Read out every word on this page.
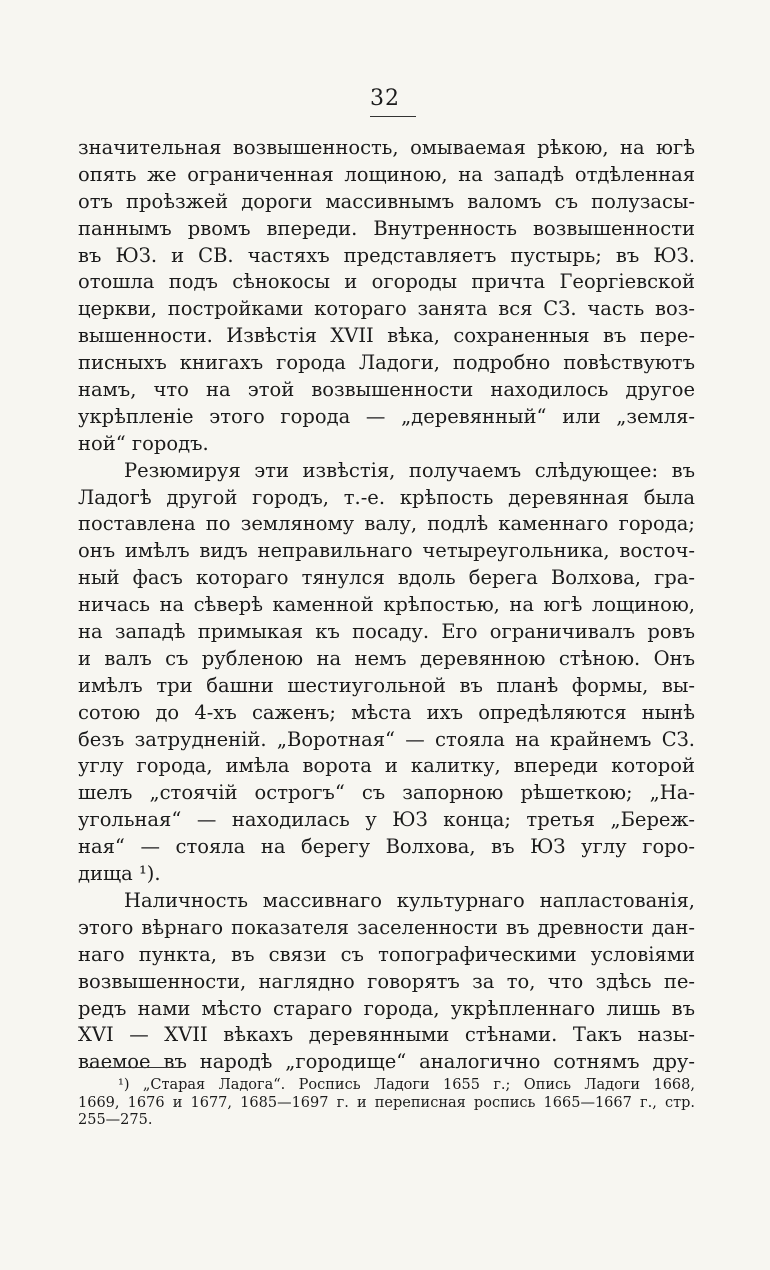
32
значительная возвышенность, омываемая рѣкою, на югѣ
опять же ограниченная лощиною, на западѣ отдѣленная
отъ проѣзжей дороги массивнымъ валомъ съ полузасы-
паннымъ рвомъ впереди. Внутренность возвышенности
въ ЮЗ. и СВ. частяхъ представляетъ пустырь; въ ЮЗ.
отошла подъ сѣнокосы и огороды причта Георгіевской
церкви, постройками котораго занята вся СЗ. часть воз-
вышенности. Извѣстія XVII вѣка, сохраненныя въ пере-
писныхъ книгахъ города Ладоги, подробно повѣствуютъ
намъ, что на этой возвышенности находилось другое
укрѣпленіе этого города — „деревянный“ или „земля-
ной“ городъ.
Резюмируя эти извѣстія, получаемъ слѣдующее: въ
Ладогѣ другой городъ, т.-е. крѣпость деревянная была
поставлена по земляному валу, подлѣ каменнаго города;
онъ имѣлъ видъ неправильнаго четыреугольника, восточ-
ный фасъ котораго тянулся вдоль берега Волхова, гра-
ничась на сѣверѣ каменной крѣпостью, на югѣ лощиною,
на западѣ примыкая къ посаду. Его ограничивалъ ровъ
и валъ съ рубленою на немъ деревянною стѣною. Онъ
имѣлъ три башни шестиугольной въ планѣ формы, вы-
сотою до 4-хъ саженъ; мѣста ихъ опредѣляются нынѣ
безъ затрудненій. „Воротная“ — стояла на крайнемъ СЗ.
углу города, имѣла ворота и калитку, впереди которой
шелъ „стоячій острогъ“ съ запорною рѣшеткою; „На-
угольная“ — находилась у ЮЗ конца; третья „Береж-
ная“ — стояла на берегу Волхова, въ ЮЗ углу горо-
дища ¹).
Наличность массивнаго культурнаго напластованія,
этого вѣрнаго показателя заселенности въ древности дан-
наго пункта, въ связи съ топографическими условіями
возвышенности, наглядно говорятъ за то, что здѣсь пе-
редъ нами мѣсто стараго города, укрѣпленнаго лишь въ
XVI — XVII вѣкахъ деревянными стѣнами. Такъ назы-
ваемое въ народѣ „городище“ аналогично сотнямъ дру-
¹) „Старая Ладога“. Роспись Ладоги 1655 г.; Опись Ладоги 1668,
1669, 1676 и 1677, 1685—1697 г. и переписная роспись 1665—1667 г., стр.
255—275.
